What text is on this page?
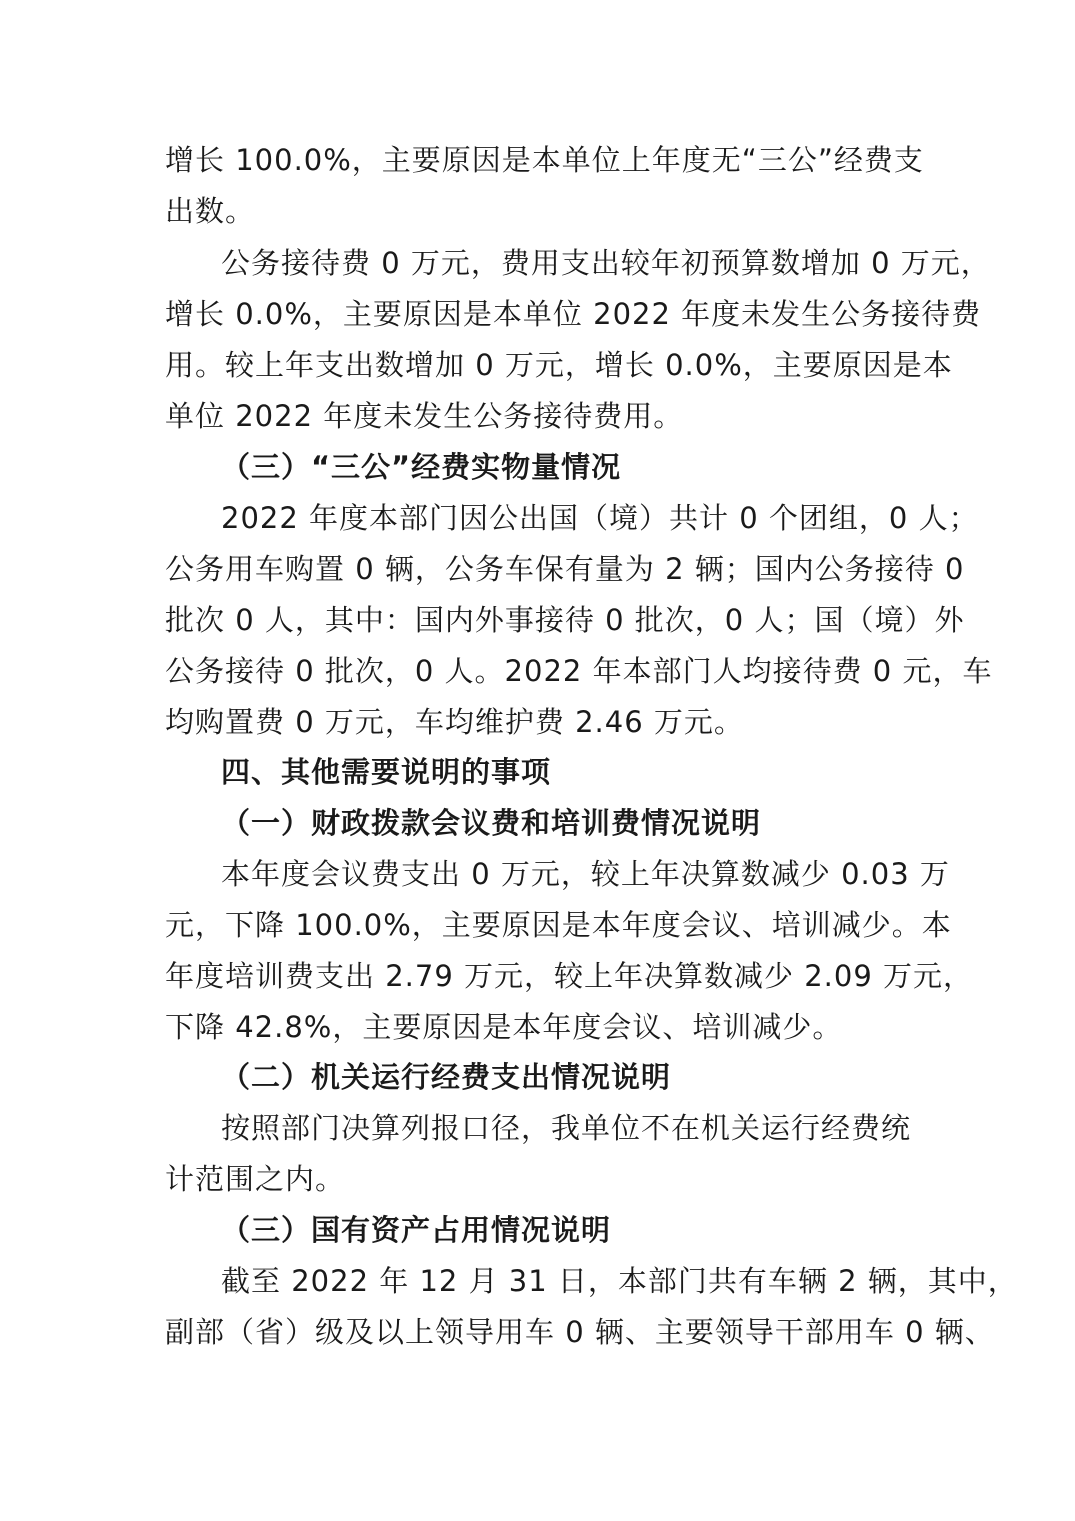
增长 100.0%，主要原因是本单位上年度无“三公”经费支
出数。
公务接待费 0 万元，费用支出较年初预算数增加 0 万元，
增长 0.0%，主要原因是本单位 2022 年度未发生公务接待费
用。较上年支出数增加 0 万元，增长 0.0%，主要原因是本
单位 2022 年度未发生公务接待费用。
（三）“三公”经费实物量情况
2022 年度本部门因公出国（境）共计 0 个团组，0 人；
公务用车购置 0 辆，公务车保有量为 2 辆；国内公务接待 0
批次 0 人，其中：国内外事接待 0 批次，0 人；国（境）外
公务接待 0 批次，0 人。2022 年本部门人均接待费 0 元，车
均购置费 0 万元，车均维护费 2.46 万元。
四、其他需要说明的事项
（一）财政拨款会议费和培训费情况说明
本年度会议费支出 0 万元，较上年决算数减少 0.03 万
元，下降 100.0%，主要原因是本年度会议、培训减少。本
年度培训费支出 2.79 万元，较上年决算数减少 2.09 万元，
下降 42.8%，主要原因是本年度会议、培训减少。
（二）机关运行经费支出情况说明
按照部门决算列报口径，我单位不在机关运行经费统
计范围之内。
（三）国有资产占用情况说明
截至 2022 年 12 月 31 日，本部门共有车辆 2 辆，其中，
副部（省）级及以上领导用车 0 辆、主要领导干部用车 0 辆、
